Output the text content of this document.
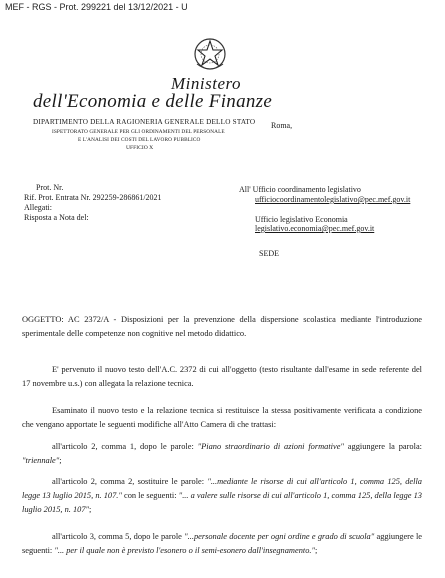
MEF - RGS - Prot. 299221 del 13/12/2021 - U
Ministero
dell'Economia e delle Finanze
DIPARTIMENTO DELLA RAGIONERIA GENERALE DELLO STATO
ISPETTORATO GENERALE PER GLI ORDINAMENTI DEL PERSONALE
E L'ANALISI DEI COSTI DEL LAVORO PUBBLICO
UFFICIO X
Roma,
Prot. Nr.
Rif. Prot. Entrata Nr. 292259-286861/2021
Allegati:
Risposta a Nota del:
All' Ufficio coordinamento legislativo
ufficiocoordinamentolegislativo@pec.mef.gov.it
Ufficio legislativo Economia
legislativo.economia@pec.mef.gov.it
SEDE
OGGETTO: AC 2372/A - Disposizioni per la prevenzione della dispersione scolastica mediante l'introduzione sperimentale delle competenze non cognitive nel metodo didattico.
E' pervenuto il nuovo testo dell'A.C. 2372 di cui all'oggetto (testo risultante dall'esame in sede referente del 17 novembre u.s.) con allegata la relazione tecnica.
Esaminato il nuovo testo e la relazione tecnica si restituisce la stessa positivamente verificata a condizione che vengano apportate le seguenti modifiche all'Atto Camera di che trattasi:
all'articolo 2, comma 1, dopo le parole: "Piano straordinario di azioni formative" aggiungere la parola: "triennale";
all'articolo 2, comma 2, sostituire le parole: "...mediante le risorse di cui all'articolo 1, comma 125, della legge 13 luglio 2015, n. 107." con le seguenti: "... a valere sulle risorse di cui all'articolo 1, comma 125, della legge 13 luglio 2015, n. 107";
all'articolo 3, comma 5, dopo le parole "...personale docente per ogni ordine e grado di scuola" aggiungere le seguenti: "... per il quale non è previsto l'esonero o il semi-esonero dall'insegnamento.";
